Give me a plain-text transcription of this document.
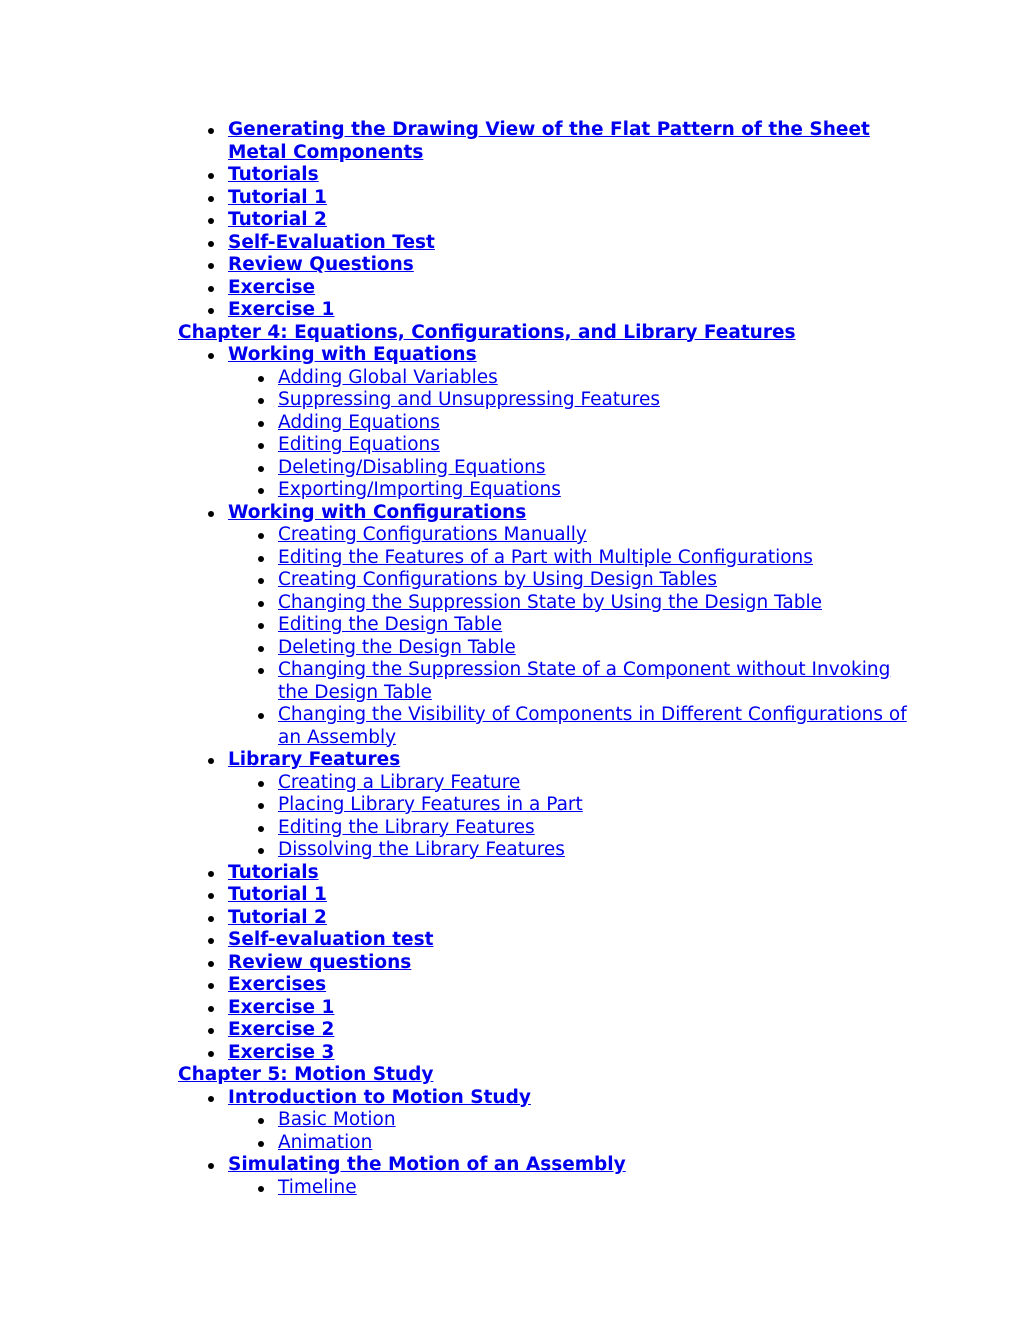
Generating the Drawing View of the Flat Pattern of the Sheet Metal Components
Tutorials
Tutorial 1
Tutorial 2
Self-Evaluation Test
Review Questions
Exercise
Exercise 1
Chapter 4: Equations, Configurations, and Library Features
Working with Equations
Adding Global Variables
Suppressing and Unsuppressing Features
Adding Equations
Editing Equations
Deleting/Disabling Equations
Exporting/Importing Equations
Working with Configurations
Creating Configurations Manually
Editing the Features of a Part with Multiple Configurations
Creating Configurations by Using Design Tables
Changing the Suppression State by Using the Design Table
Editing the Design Table
Deleting the Design Table
Changing the Suppression State of a Component without Invoking the Design Table
Changing the Visibility of Components in Different Configurations of an Assembly
Library Features
Creating a Library Feature
Placing Library Features in a Part
Editing the Library Features
Dissolving the Library Features
Tutorials
Tutorial 1
Tutorial 2
Self-evaluation test
Review questions
Exercises
Exercise 1
Exercise 2
Exercise 3
Chapter 5: Motion Study
Introduction to Motion Study
Basic Motion
Animation
Simulating the Motion of an Assembly
Timeline
